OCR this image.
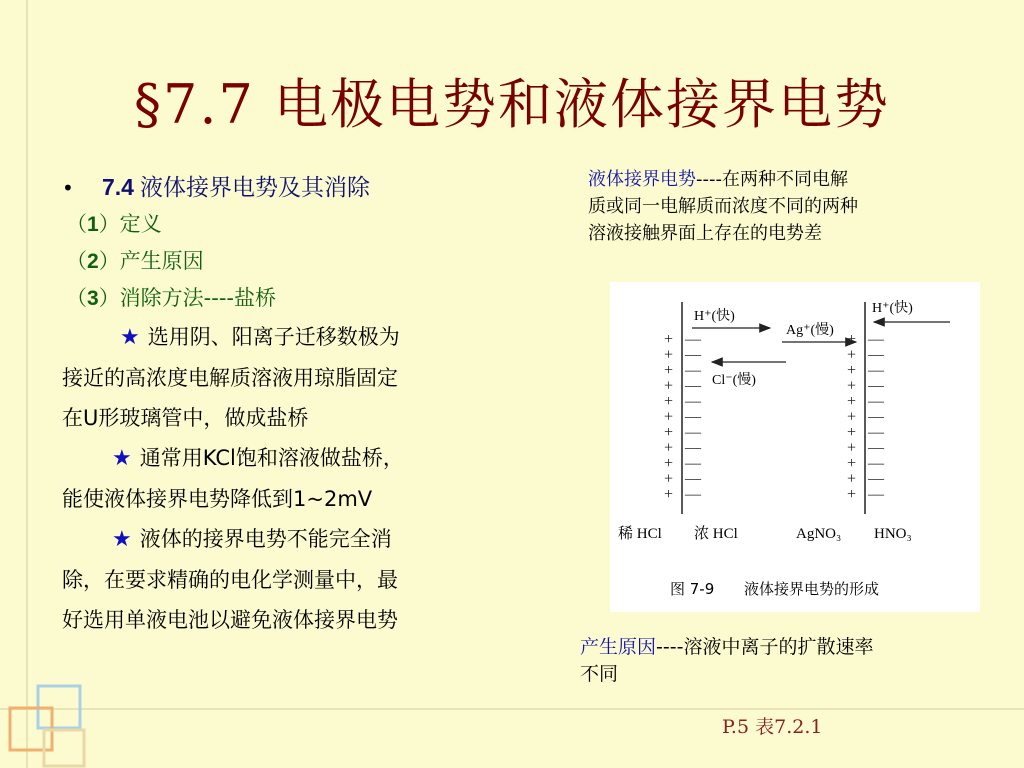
§7.7 电极电势和液体接界电势
• 7.4 液体接界电势及其消除
（1）定义
（2）产生原因
（3）消除方法----盐桥

★ 选用阴、阳离子迁移数极为
接近的高浓度电解质溶液用琼脂固定
在U形玻璃管中，做成盐桥

★ 通常用KCl饱和溶液做盐桥，
能使液体接界电势降低到1~2mV

★ 液体的接界电势不能完全消
除，在要求精确的电化学测量中，最
好选用单液电池以避免液体接界电势

液体接界电势----在两种不同电解
质或同一电解质而浓度不同的两种
溶液接触界面上存在的电势差
+ —
+ —
+ —
+ —
+ —
+ —
+ —
+ —
+ —
+ —
+ —
+ —
+ —
+ —
+ —
+ —
+ —
+ —
+ —
+ —
+ —
+ —
H⁺(快)
Cl⁻(慢)
Ag⁺(慢)
H⁺(快)
稀 HCl 浓 HCl	AgNO₃ HNO₃
图 7-9 液体接界电势的形成
产生原因----溶液中离子的扩散速率
不同
P.5 表7.2.1
